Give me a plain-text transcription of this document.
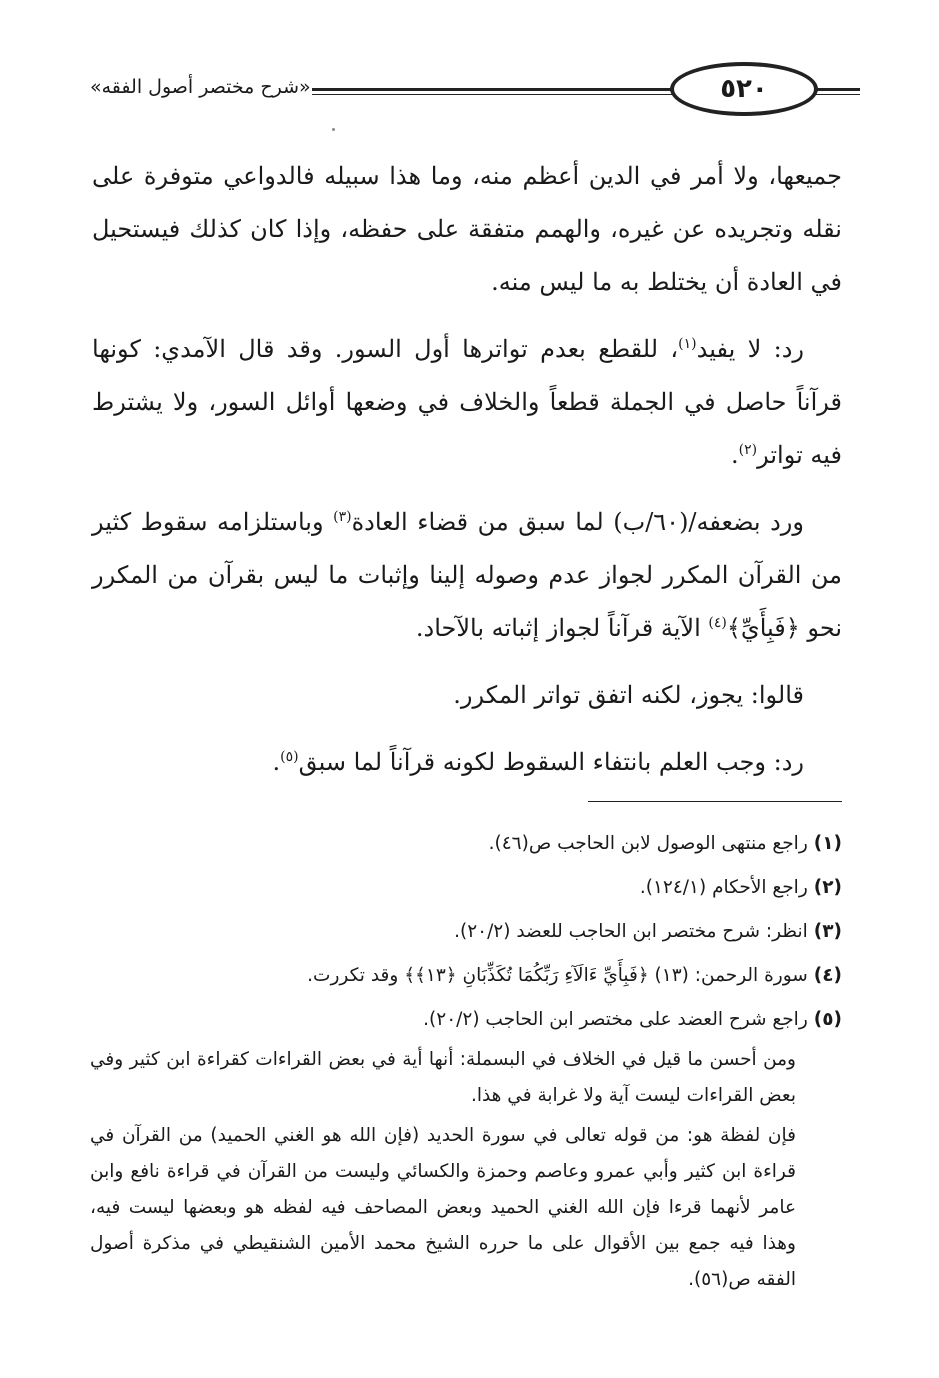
«شرح مختصر أصول الفقه»	٥٢٠

جميعها، ولا أمر في الدين أعظم منه، وما هذا سبيله فالدواعي متوفرة على نقله وتجريده عن غيره، والهمم متفقة على حفظه، وإذا كان كذلك فيستحيل في العادة أن يختلط به ما ليس منه.

رد: لا يفيد$^{(١)}$، للقطع بعدم تواترها أول السور. وقد قال الآمدي: كونها قرآناً حاصل في الجملة قطعاً والخلاف في وضعها أوائل السور، ولا يشترط فيه تواتر$^{(٢)}$.

ورد بضعفه/(٦٠/ب) لما سبق من قضاء العادة$^{(٣)}$ وباستلزامه سقوط كثير من القرآن المكرر لجواز عدم وصوله إلينا وإثبات ما ليس بقرآن من المكرر نحو ﴿فَبِأَيِّ﴾$^{(٤)}$ الآية قرآناً لجواز إثباته بالآحاد.

قالوا: يجوز، لكنه اتفق تواتر المكرر.

رد: وجب العلم بانتفاء السقوط لكونه قرآناً لما سبق$^{(٥)}$.

(١)راجع منتهى الوصول لابن الحاجب ص(٤٦).
(٢)راجع الأحكام (١٢٤/١).
(٣)انظر: شرح مختصر ابن الحاجب للعضد (٢٠/٢).
(٤)سورة الرحمن: (١٣) ﴿فَبِأَيِّ ءَالَآءِ رَبِّكُمَا تُكَذِّبَانِ ﴿١٣﴾﴾ وقد تكررت.
(٥)راجع شرح العضد على مختصر ابن الحاجب (٢٠/٢).

ومن أحسن ما قيل في الخلاف في البسملة: أنها أية في بعض القراءات كقراءة ابن كثير وفي بعض القراءات ليست آية ولا غرابة في هذا.

فإن لفظة هو: من قوله تعالى في سورة الحديد (فإن الله هو الغني الحميد) من القرآن في قراءة ابن كثير وأبي عمرو وعاصم وحمزة والكسائي وليست من القرآن في قراءة نافع وابن عامر لأنهما قرءا فإن الله الغني الحميد وبعض المصاحف فيه لفظه هو وبعضها ليست فيه، وهذا فيه جمع بين الأقوال على ما حرره الشيخ محمد الأمين الشنقيطي في مذكرة أصول الفقه ص(٥٦).
